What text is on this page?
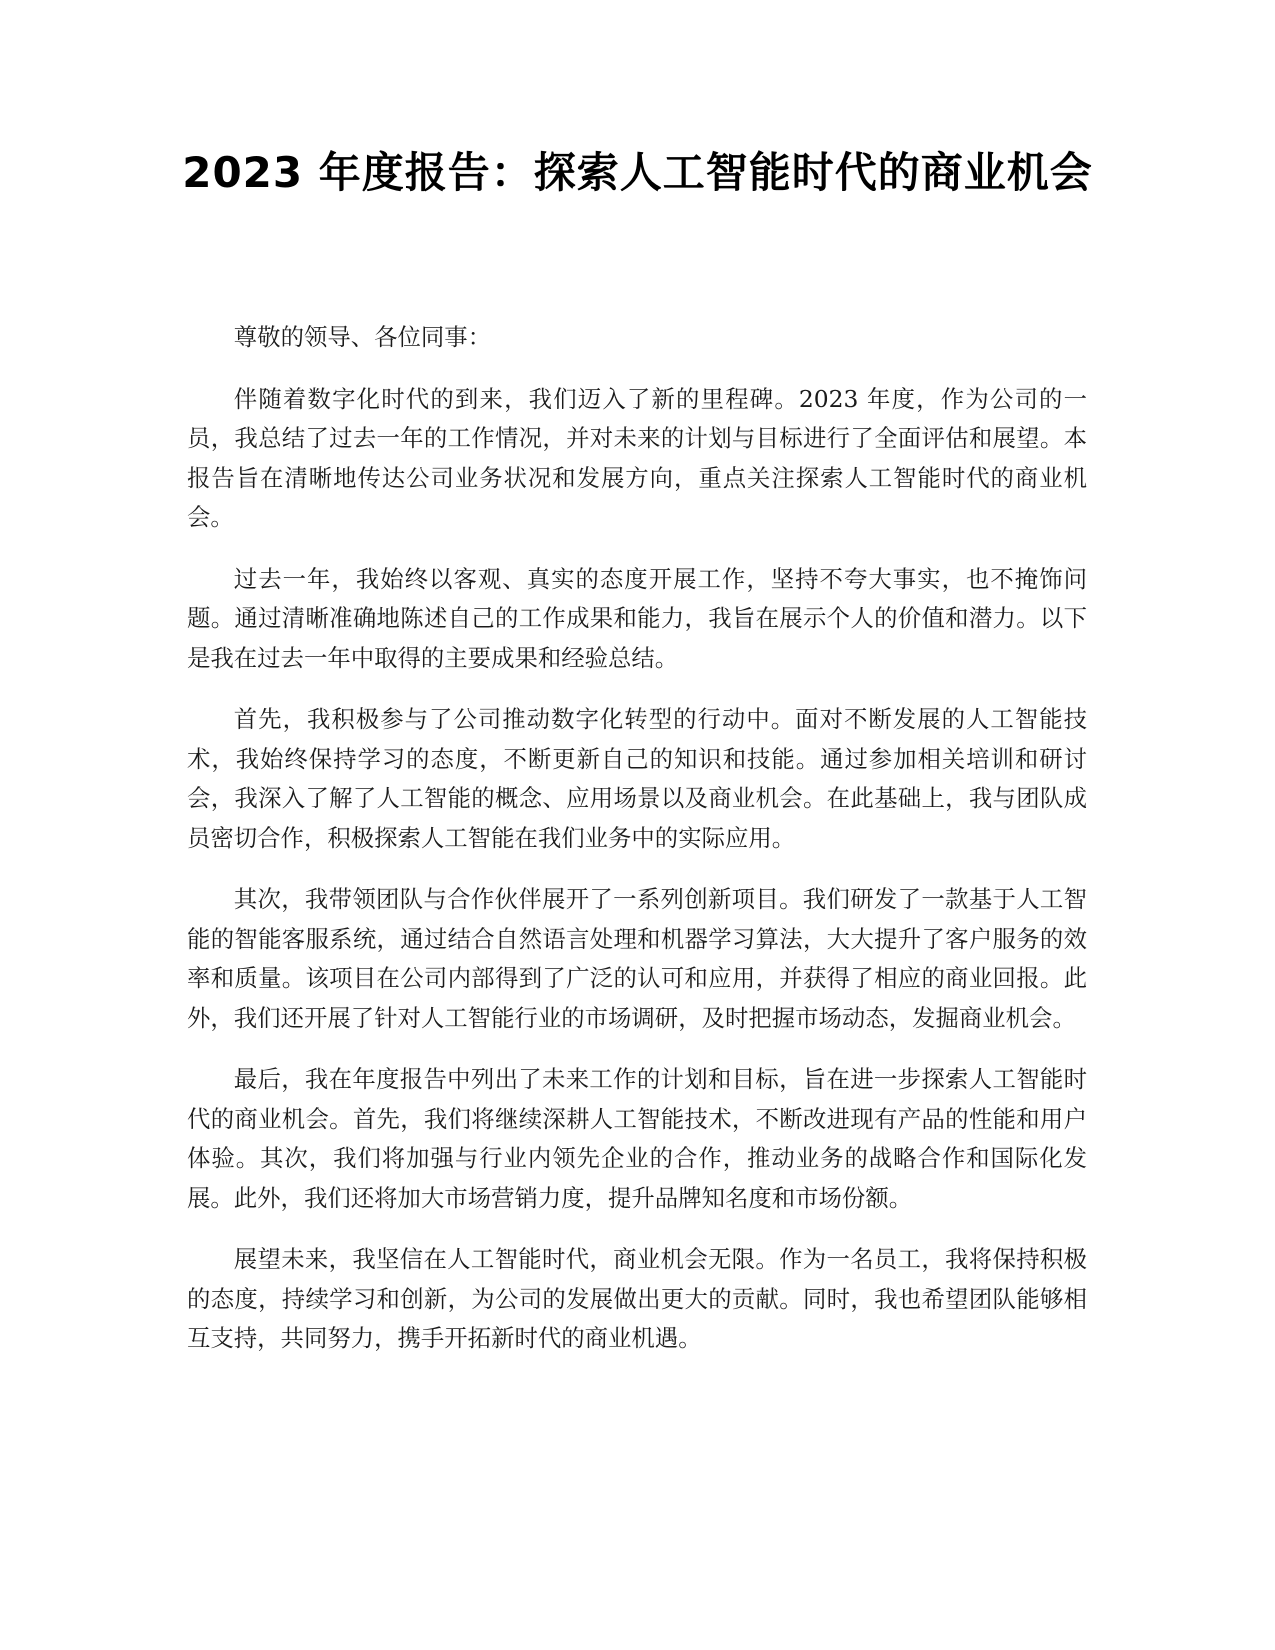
2023 年度报告：探索人工智能时代的商业机会

尊敬的领导、各位同事：

伴随着数字化时代的到来，我们迈入了新的里程碑。2023 年度，作为公司的一员，我总结了过去一年的工作情况，并对未来的计划与目标进行了全面评估和展望。本报告旨在清晰地传达公司业务状况和发展方向，重点关注探索人工智能时代的商业机会。

过去一年，我始终以客观、真实的态度开展工作，坚持不夸大事实，也不掩饰问题。通过清晰准确地陈述自己的工作成果和能力，我旨在展示个人的价值和潜力。以下是我在过去一年中取得的主要成果和经验总结。

首先，我积极参与了公司推动数字化转型的行动中。面对不断发展的人工智能技术，我始终保持学习的态度，不断更新自己的知识和技能。通过参加相关培训和研讨会，我深入了解了人工智能的概念、应用场景以及商业机会。在此基础上，我与团队成员密切合作，积极探索人工智能在我们业务中的实际应用。

其次，我带领团队与合作伙伴展开了一系列创新项目。我们研发了一款基于人工智能的智能客服系统，通过结合自然语言处理和机器学习算法，大大提升了客户服务的效率和质量。该项目在公司内部得到了广泛的认可和应用，并获得了相应的商业回报。此外，我们还开展了针对人工智能行业的市场调研，及时把握市场动态，发掘商业机会。

最后，我在年度报告中列出了未来工作的计划和目标，旨在进一步探索人工智能时代的商业机会。首先，我们将继续深耕人工智能技术，不断改进现有产品的性能和用户体验。其次，我们将加强与行业内领先企业的合作，推动业务的战略合作和国际化发展。此外，我们还将加大市场营销力度，提升品牌知名度和市场份额。

展望未来，我坚信在人工智能时代，商业机会无限。作为一名员工，我将保持积极的态度，持续学习和创新，为公司的发展做出更大的贡献。同时，我也希望团队能够相互支持，共同努力，携手开拓新时代的商业机遇。
